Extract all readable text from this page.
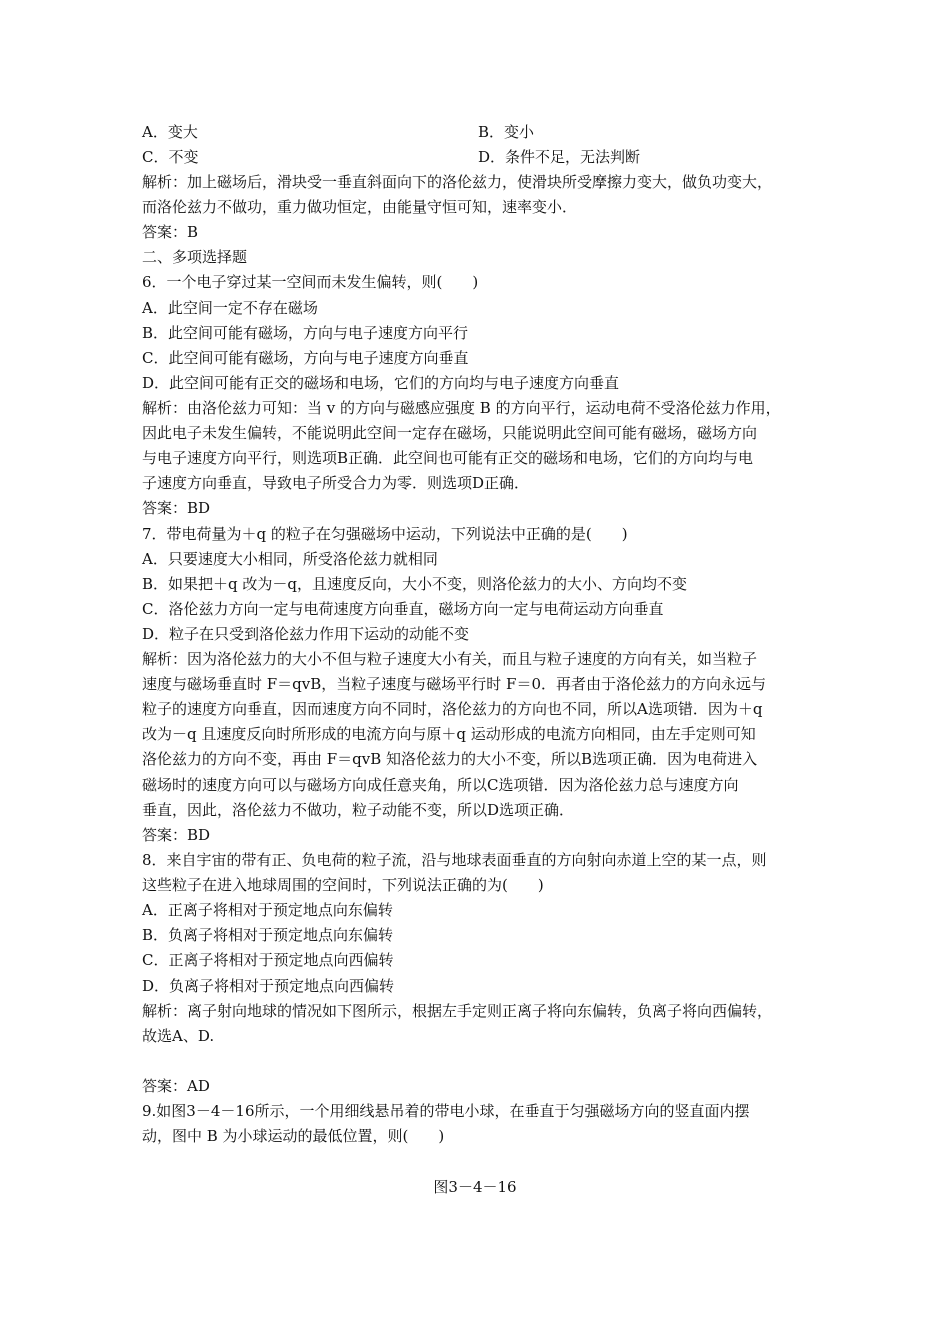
A．变大	B．变小
C．不变	D．条件不足，无法判断
解析：加上磁场后，滑块受一垂直斜面向下的洛伦兹力，使滑块所受摩擦力变大，做负功变大，
而洛伦兹力不做功，重力做功恒定，由能量守恒可知，速率变小．
答案：B
二、多项选择题
6．一个电子穿过某一空间而未发生偏转，则(　　)
A．此空间一定不存在磁场
B．此空间可能有磁场，方向与电子速度方向平行
C．此空间可能有磁场，方向与电子速度方向垂直
D．此空间可能有正交的磁场和电场，它们的方向均与电子速度方向垂直
解析：由洛伦兹力可知：当 v 的方向与磁感应强度 B 的方向平行，运动电荷不受洛伦兹力作用，
因此电子未发生偏转，不能说明此空间一定存在磁场，只能说明此空间可能有磁场，磁场方向
与电子速度方向平行，则选项B正确．此空间也可能有正交的磁场和电场，它们的方向均与电
子速度方向垂直，导致电子所受合力为零．则选项D正确．
答案：BD
7．带电荷量为＋q 的粒子在匀强磁场中运动，下列说法中正确的是(　　)
A．只要速度大小相同，所受洛伦兹力就相同
B．如果把＋q 改为－q，且速度反向，大小不变，则洛伦兹力的大小、方向均不变
C．洛伦兹力方向一定与电荷速度方向垂直，磁场方向一定与电荷运动方向垂直
D．粒子在只受到洛伦兹力作用下运动的动能不变
解析：因为洛伦兹力的大小不但与粒子速度大小有关，而且与粒子速度的方向有关，如当粒子
速度与磁场垂直时 F＝qvB，当粒子速度与磁场平行时 F＝0．再者由于洛伦兹力的方向永远与
粒子的速度方向垂直，因而速度方向不同时，洛伦兹力的方向也不同，所以A选项错．因为＋q
改为－q 且速度反向时所形成的电流方向与原＋q 运动形成的电流方向相同，由左手定则可知
洛伦兹力的方向不变，再由 F＝qvB 知洛伦兹力的大小不变，所以B选项正确．因为电荷进入
磁场时的速度方向可以与磁场方向成任意夹角，所以C选项错．因为洛伦兹力总与速度方向
垂直，因此，洛伦兹力不做功，粒子动能不变，所以D选项正确．
答案：BD
8．来自宇宙的带有正、负电荷的粒子流，沿与地球表面垂直的方向射向赤道上空的某一点，则
这些粒子在进入地球周围的空间时，下列说法正确的为(　　)
A．正离子将相对于预定地点向东偏转
B．负离子将相对于预定地点向东偏转
C．正离子将相对于预定地点向西偏转
D．负离子将相对于预定地点向西偏转
解析：离子射向地球的情况如下图所示，根据左手定则正离子将向东偏转，负离子将向西偏转，
故选A、D.
答案：AD
9.如图3－4－16所示，一个用细线悬吊着的带电小球，在垂直于匀强磁场方向的竖直面内摆
动，图中 B 为小球运动的最低位置，则(　　)
图3－4－16
